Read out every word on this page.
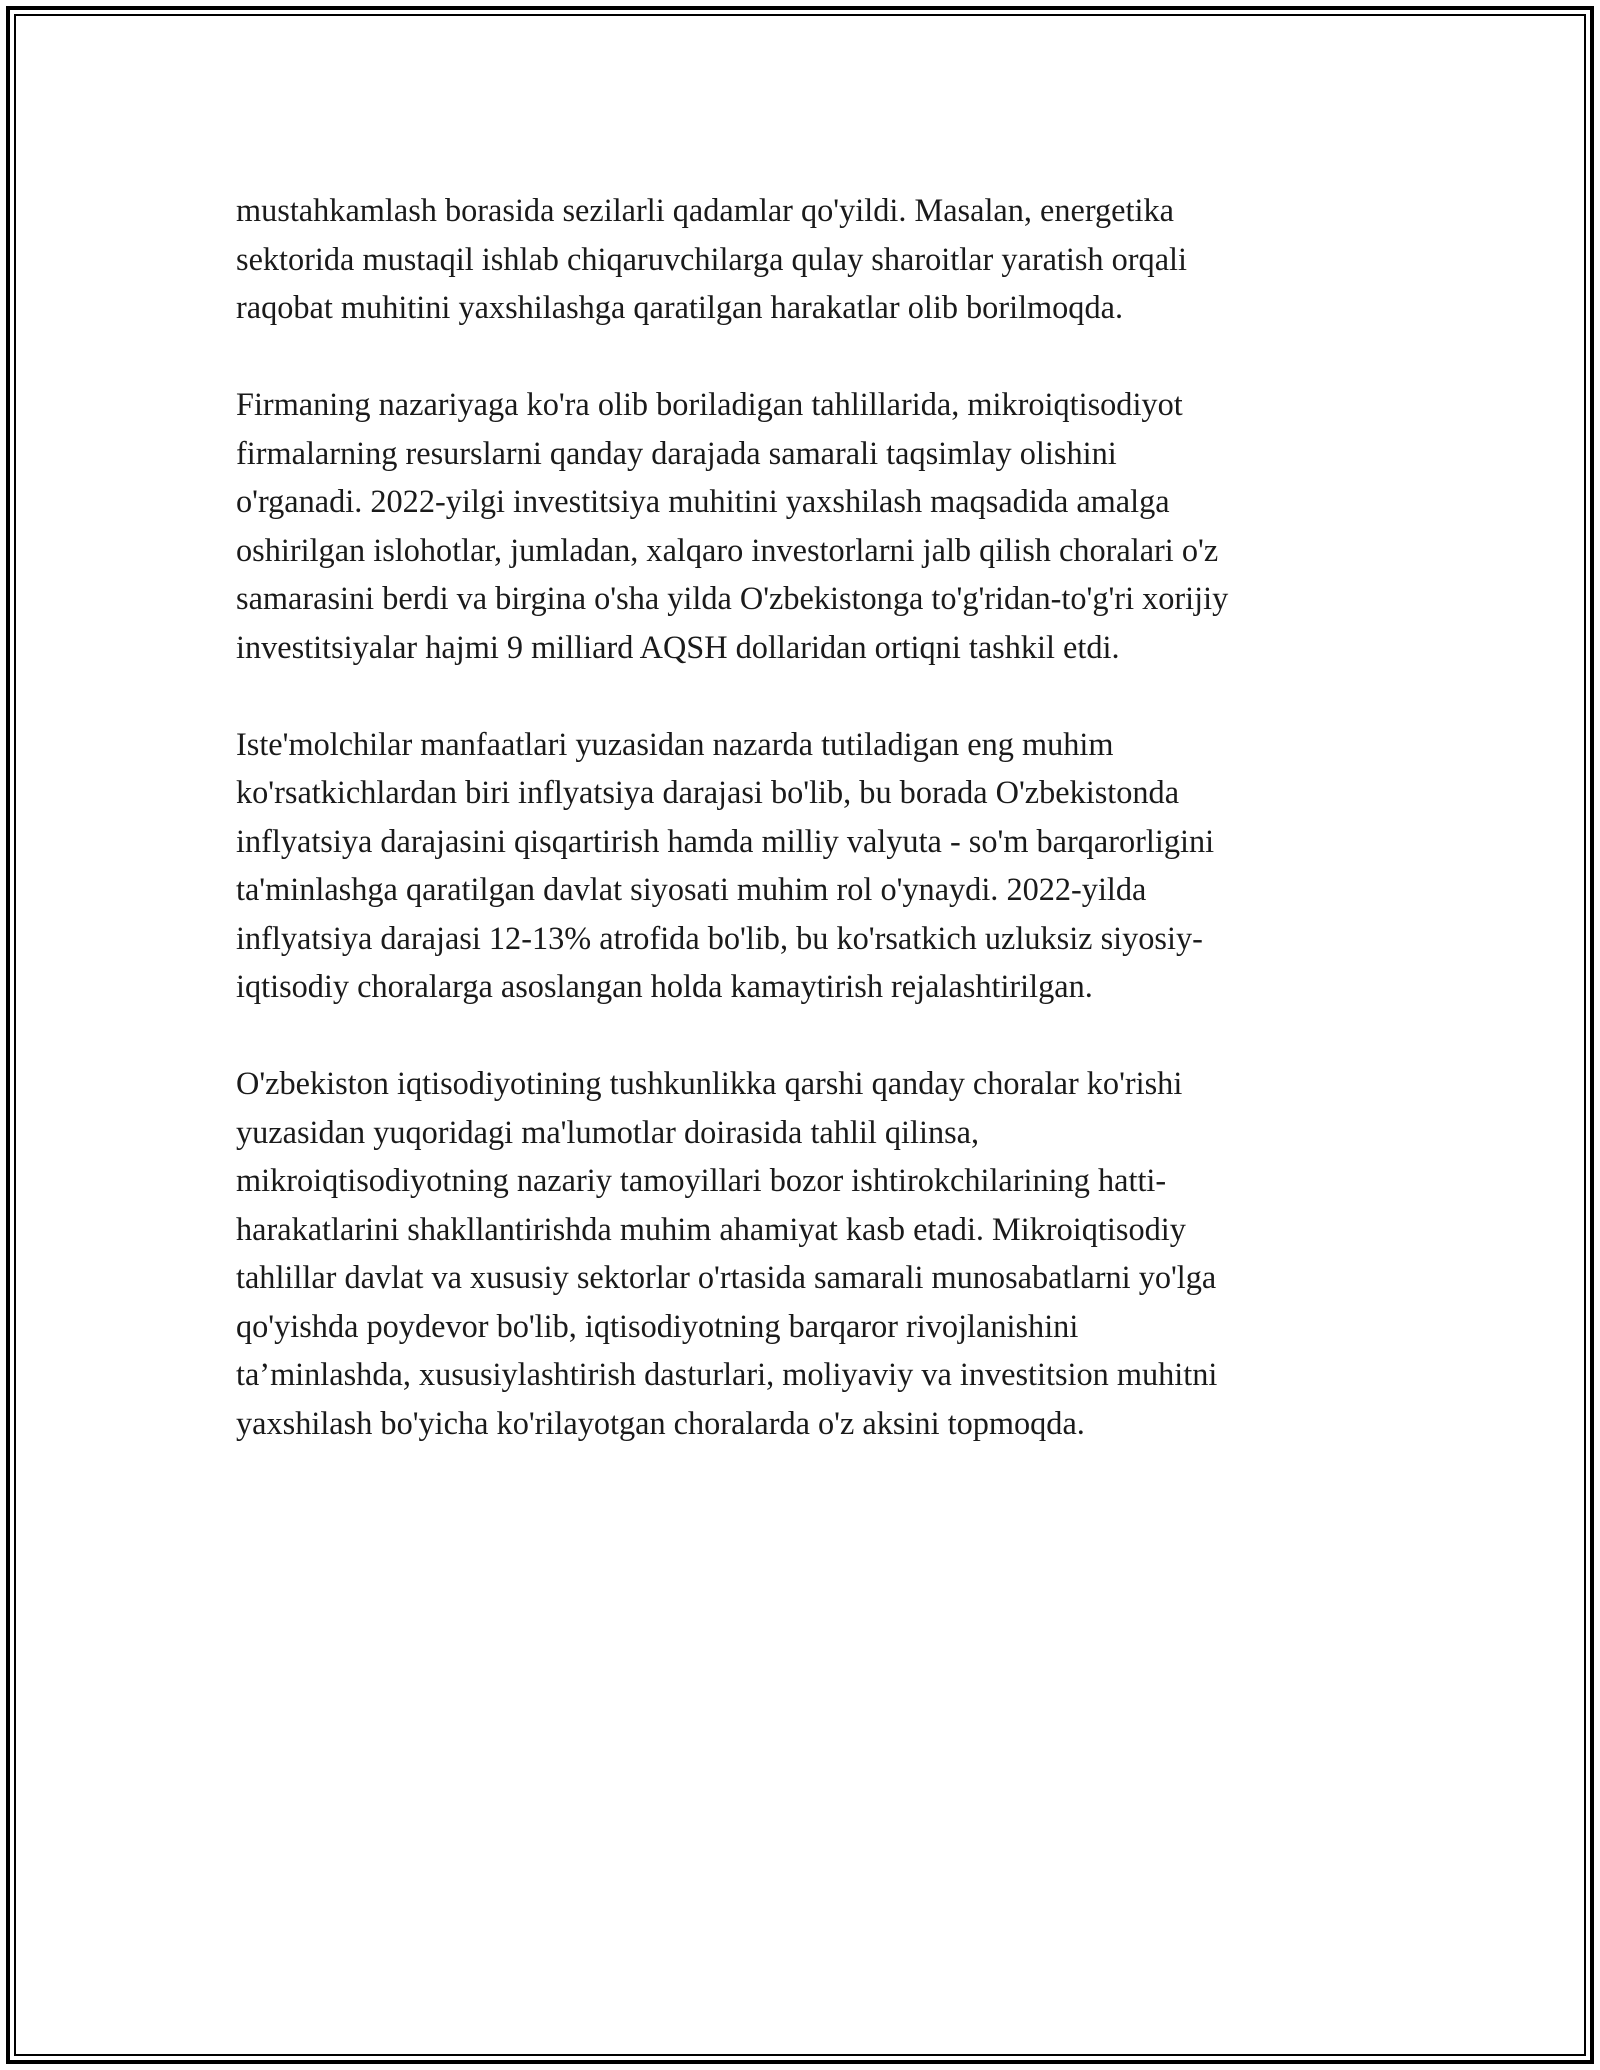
mustahkamlash borasida sezilarli qadamlar qo'yildi. Masalan, energetika
sektorida mustaqil ishlab chiqaruvchilarga qulay sharoitlar yaratish orqali
raqobat muhitini yaxshilashga qaratilgan harakatlar olib borilmoqda.

Firmaning nazariyaga ko'ra olib boriladigan tahlillarida, mikroiqtisodiyot
firmalarning resurslarni qanday darajada samarali taqsimlay olishini
o'rganadi. 2022-yilgi investitsiya muhitini yaxshilash maqsadida amalga
oshirilgan islohotlar, jumladan, xalqaro investorlarni jalb qilish choralari o'z
samarasini berdi va birgina o'sha yilda O'zbekistonga to'g'ridan-to'g'ri xorijiy
investitsiyalar hajmi 9 milliard AQSH dollaridan ortiqni tashkil etdi.

Iste'molchilar manfaatlari yuzasidan nazarda tutiladigan eng muhim
ko'rsatkichlardan biri inflyatsiya darajasi bo'lib, bu borada O'zbekistonda
inflyatsiya darajasini qisqartirish hamda milliy valyuta - so'm barqarorligini
ta'minlashga qaratilgan davlat siyosati muhim rol o'ynaydi. 2022-yilda
inflyatsiya darajasi 12-13% atrofida bo'lib, bu ko'rsatkich uzluksiz siyosiy-
iqtisodiy choralarga asoslangan holda kamaytirish rejalashtirilgan.

O'zbekiston iqtisodiyotining tushkunlikka qarshi qanday choralar ko'rishi
yuzasidan yuqoridagi ma'lumotlar doirasida tahlil qilinsa,
mikroiqtisodiyotning nazariy tamoyillari bozor ishtirokchilarining hatti-
harakatlarini shakllantirishda muhim ahamiyat kasb etadi. Mikroiqtisodiy
tahlillar davlat va xususiy sektorlar o'rtasida samarali munosabatlarni yo'lga
qo'yishda poydevor bo'lib, iqtisodiyotning barqaror rivojlanishini
ta’minlashda, xususiylashtirish dasturlari, moliyaviy va investitsion muhitni
yaxshilash bo'yicha ko'rilayotgan choralarda o'z aksini topmoqda.
